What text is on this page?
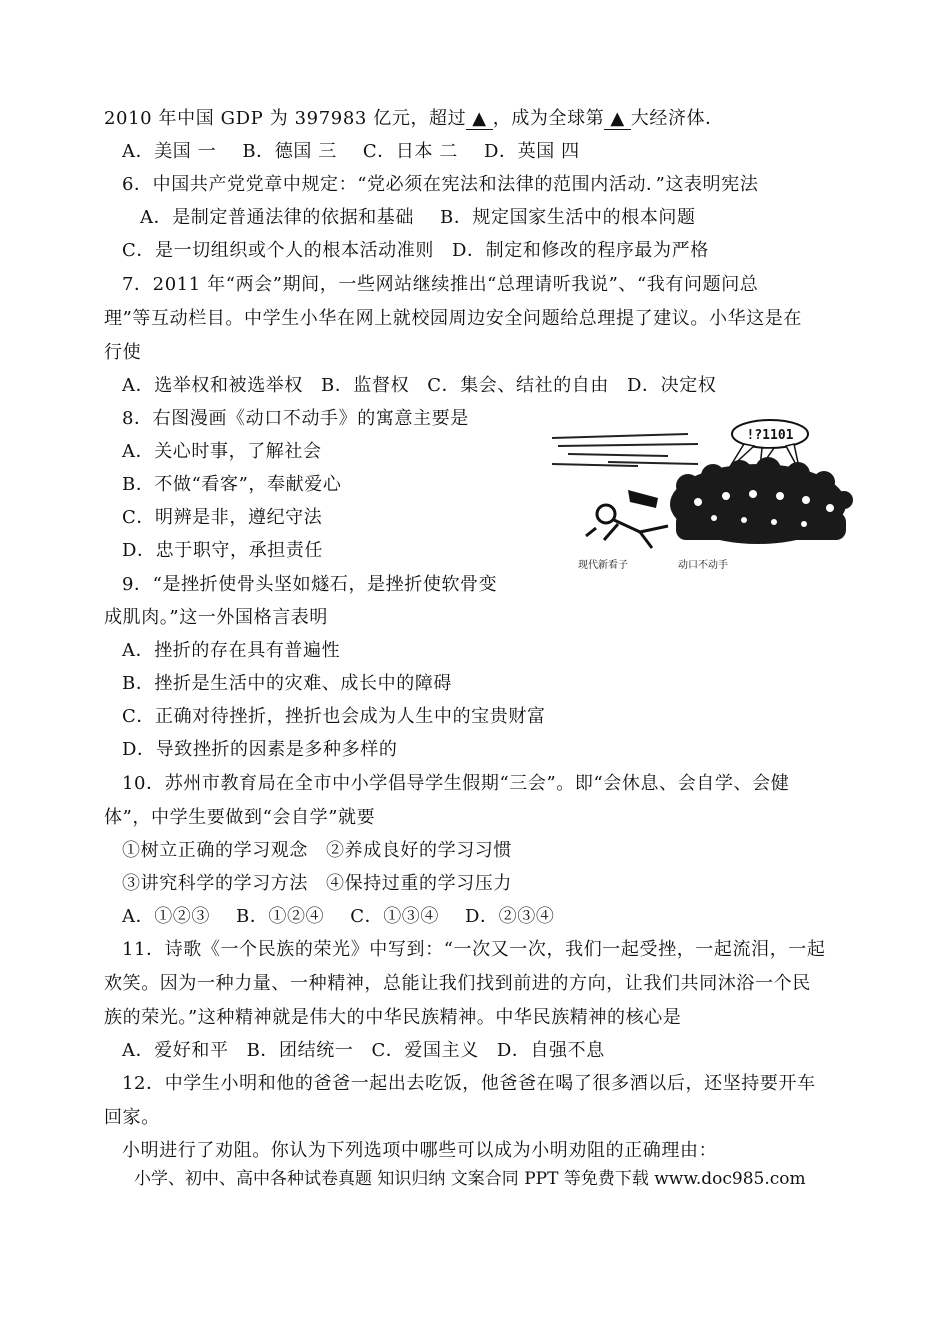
2010 年中国 GDP 为 397983 亿元，超过 ▲ ，成为全球第 ▲ 大经济体．
A．美国 一 B．德国 三 C．日本 二 D．英国 四
6．中国共产党党章中规定：“党必须在宪法和法律的范围内活动．”这表明宪法
A．是制定普通法律的依据和基础 B．规定国家生活中的根本问题
C．是一切组织或个人的根本活动准则 D．制定和修改的程序最为严格
7．2011 年“两会”期间，一些网站继续推出“总理请听我说”、“我有问题问总
理”等互动栏目。中学生小华在网上就校园周边安全问题给总理提了建议。小华这是在
行使
A．选举权和被选举权 B．监督权 C．集会、结社的自由 D．决定权
8．右图漫画《动口不动手》的寓意主要是
A．关心时事，了解社会
B．不做“看客”，奉献爱心
C．明辨是非，遵纪守法
D．忠于职守，承担责任
!?1101
现代新看子	动口不动手
9．“是挫折使骨头坚如燧石，是挫折使软骨变
成肌肉。”这一外国格言表明
A．挫折的存在具有普遍性
B．挫折是生活中的灾难、成长中的障碍
C．正确对待挫折，挫折也会成为人生中的宝贵财富
D．导致挫折的因素是多种多样的
10．苏州市教育局在全市中小学倡导学生假期“三会”。即“会休息、会自学、会健
体”，中学生要做到“会自学”就要
①树立正确的学习观念 ②养成良好的学习习惯
③讲究科学的学习方法 ④保持过重的学习压力
A．①②③ B．①②④ C．①③④ D．②③④
11．诗歌《一个民族的荣光》中写到：“一次又一次，我们一起受挫，一起流泪，一起
欢笑。因为一种力量、一种精神，总能让我们找到前进的方向，让我们共同沐浴一个民
族的荣光。”这种精神就是伟大的中华民族精神。中华民族精神的核心是
A．爱好和平 B．团结统一 C．爱国主义 D．自强不息
12．中学生小明和他的爸爸一起出去吃饭，他爸爸在喝了很多酒以后，还坚持要开车
回家。
小明进行了劝阻。你认为下列选项中哪些可以成为小明劝阻的正确理由：
小学、初中、高中各种试卷真题 知识归纳 文案合同 PPT 等免费下载 www.doc985.com
